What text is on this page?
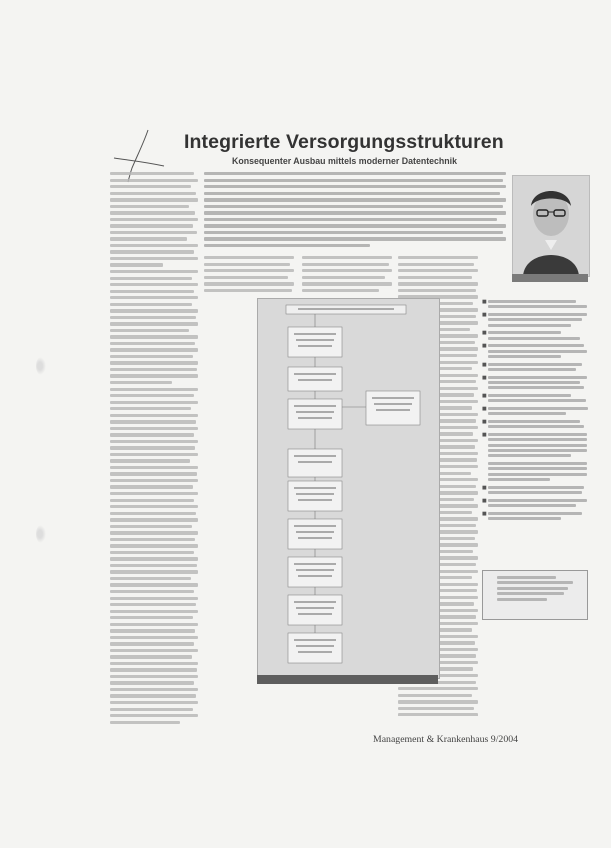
Integrierte Versorgungsstrukturen
Konsequenter Ausbau mittels moderner Datentechnik
■
■
■
■
■
■
■
■
■
■
■
■
■
Management & Krankenhaus 9/2004
